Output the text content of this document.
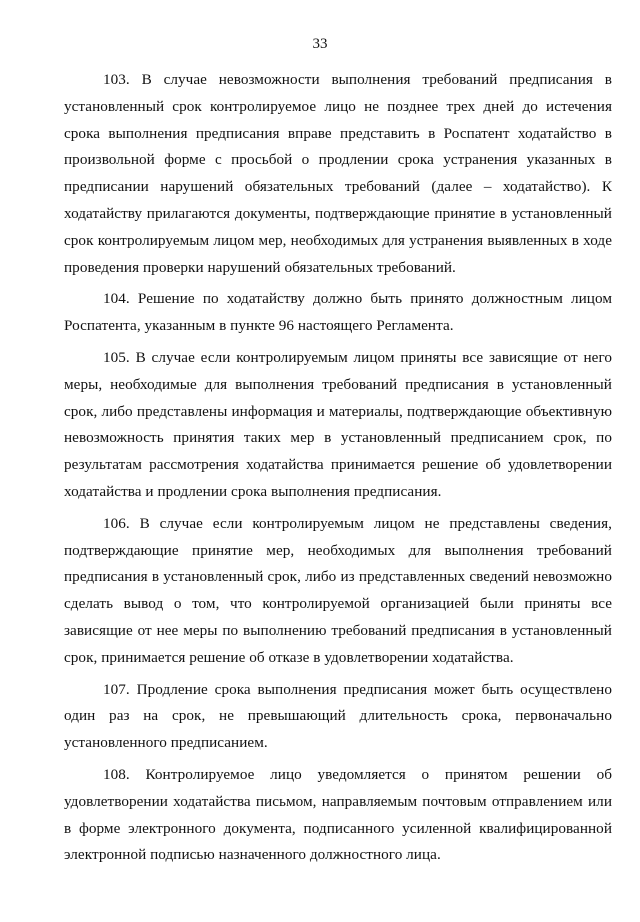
33

103. В случае невозможности выполнения требований предписания в установленный срок контролируемое лицо не позднее трех дней до истечения срока выполнения предписания вправе представить в Роспатент ходатайство в произвольной форме с просьбой о продлении срока устранения указанных в предписании нарушений обязательных требований (далее – ходатайство). К ходатайству прилагаются документы, подтверждающие принятие в установленный срок контролируемым лицом мер, необходимых для устранения выявленных в ходе проведения проверки нарушений обязательных требований.

104. Решение по ходатайству должно быть принято должностным лицом Роспатента, указанным в пункте 96 настоящего Регламента.

105. В случае если контролируемым лицом приняты все зависящие от него меры, необходимые для выполнения требований предписания в установленный срок, либо представлены информация и материалы, подтверждающие объективную невозможность принятия таких мер в установленный предписанием срок, по результатам рассмотрения ходатайства принимается решение об удовлетворении ходатайства и продлении срока выполнения предписания.

106. В случае если контролируемым лицом не представлены сведения, подтверждающие принятие мер, необходимых для выполнения требований предписания в установленный срок, либо из представленных сведений невозможно сделать вывод о том, что контролируемой организацией были приняты все зависящие от нее меры по выполнению требований предписания в установленный срок, принимается решение об отказе в удовлетворении ходатайства.

107. Продление срока выполнения предписания может быть осуществлено один раз на срок, не превышающий длительность срока, первоначально установленного предписанием.

108. Контролируемое лицо уведомляется о принятом решении об удовлетворении ходатайства письмом, направляемым почтовым отправлением или в форме электронного документа, подписанного усиленной квалифицированной электронной подписью назначенного должностного лица.
